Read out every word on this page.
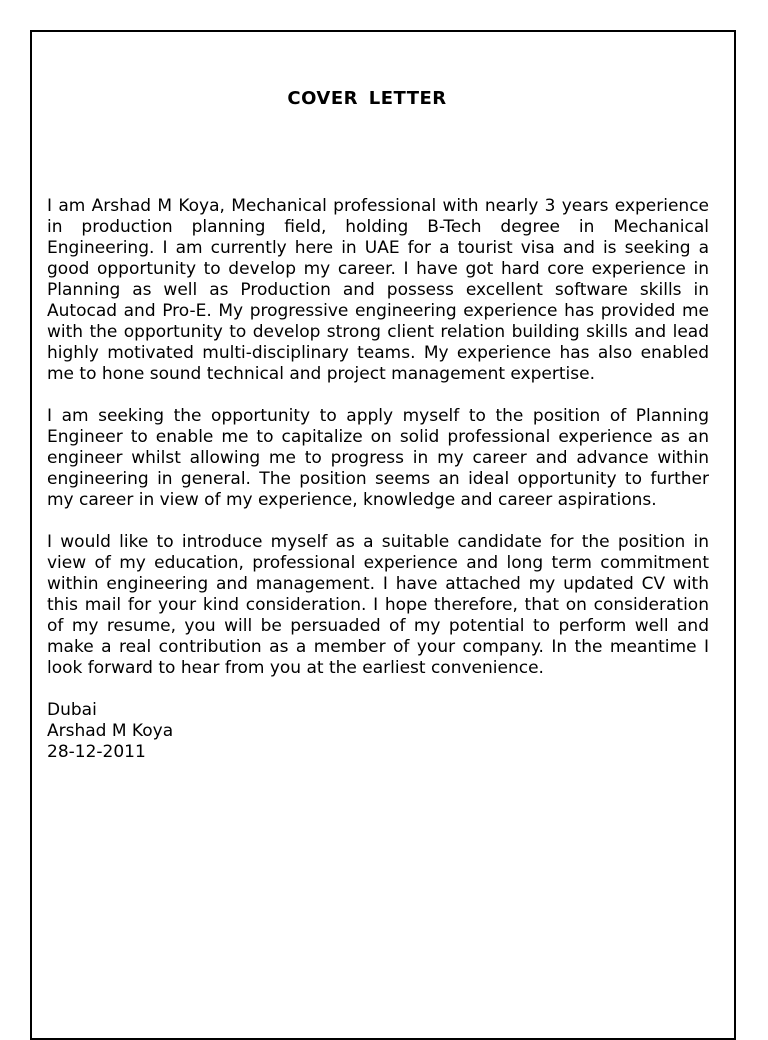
COVER LETTER

I am Arshad M Koya, Mechanical professional with nearly 3 years experience in production planning field, holding B-Tech degree in Mechanical Engineering. I am currently here in UAE for a tourist visa and is seeking a good opportunity to develop my career. I have got hard core experience in Planning as well as Production and possess excellent software skills in Autocad and Pro-E. My progressive engineering experience has provided me with the opportunity to develop strong client relation building skills and lead highly motivated multi-disciplinary teams. My experience has also enabled me to hone sound technical and project management expertise.

I am seeking the opportunity to apply myself to the position of Planning Engineer to enable me to capitalize on solid professional experience as an engineer whilst allowing me to progress in my career and advance within engineering in general. The position seems an ideal opportunity to further my career in view of my experience, knowledge and career aspirations.

I would like to introduce myself as a suitable candidate for the position in view of my education, professional experience and long term commitment within engineering and management. I have attached my updated CV with this mail for your kind consideration. I hope therefore, that on consideration of my resume, you will be persuaded of my potential to perform well and make a real contribution as a member of your company. In the meantime I look forward to hear from you at the earliest convenience.

Dubai
Arshad M Koya
28-12-2011
